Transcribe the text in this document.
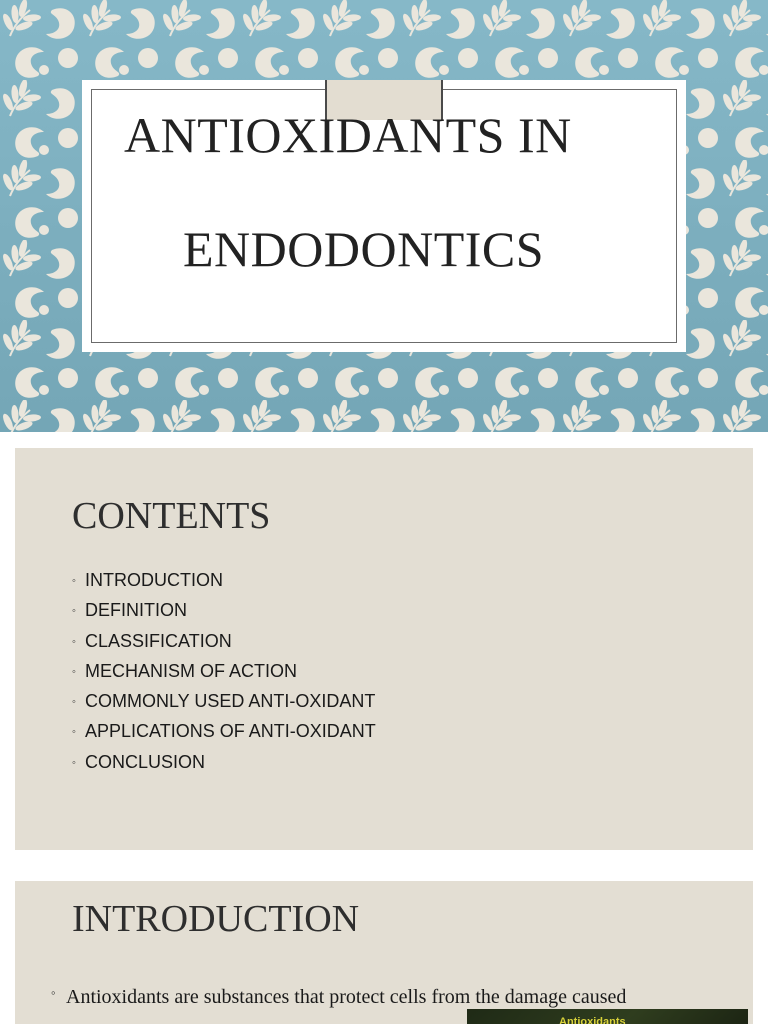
ANTIOXIDANTS IN
ENDODONTICS
CONTENTS
◦ INTRODUCTION
◦ DEFINITION
◦ CLASSIFICATION
◦ MECHANISM OF ACTION
◦ COMMONLY USED ANTI-OXIDANT
◦ APPLICATIONS OF ANTI-OXIDANT
◦ CONCLUSION
INTRODUCTION
◦ Antioxidants are substances that protect cells from the damage caused
Antioxidants
